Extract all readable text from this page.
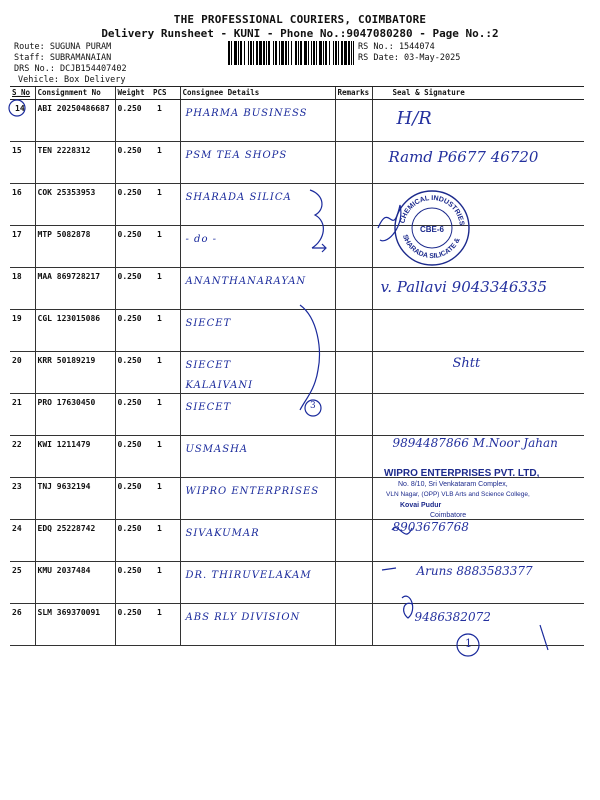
THE PROFESSIONAL COURIERS, COIMBATORE
Delivery Runsheet - KUNI - Phone No.:9047080280 - Page No.:2
Route: SUGUNA PURAM
Staff: SUBRAMANAIAN
DRS No.: DCJB154407402
Vehicle: Box Delivery
RS No.: 1544074
RS Date: 03-May-2025
S_No	Consignment No	Weight	PCS	Consignee Details	Remarks	Seal & Signature
14	ABI 20250486687	0.250	1	PHARMA BUSINESS		H/R

15	TEN 2228312	0.250	1	PSM TEA SHOPS		Ramd P6677 46720

16	COK 25353953	0.250	1	SHARADA SILICA		

17	MTP 5082878	0.250	1	- do -		

18	MAA 869728217	0.250	1	ANANTHANARAYAN		v. Pallavi 9043346335

19	CGL 123015086	0.250	1	SIECET		

20	KRR 50189219	0.250	1	SIECET
KALAIVANI		Shtt

21	PRO 17630450	0.250	1	SIECET		

22	KWI 1211479	0.250	1	USMASHA		9894487866 M.Noor Jahan

23	TNJ 9632194	0.250	1	WIPRO ENTERPRISES		

24	EDQ 25228742	0.250	1	SIVAKUMAR		8903676768

25	KMU 2037484	0.250	1	DR. THIRUVELAKAM		Aruns 8883583377

26	SLM 369370091	0.250	1	ABS RLY DIVISION		9486382072
3
1
CHEMICAL INDUSTRIES
SHARADA SILICATE &
CBE-6
WIPRO ENTERPRISES PVT. LTD,
No. 8/10, Sri Venkataram Complex,
VLN Nagar, (OPP) VLB Arts and Science College,
Kovai Pudur
Coimbatore
